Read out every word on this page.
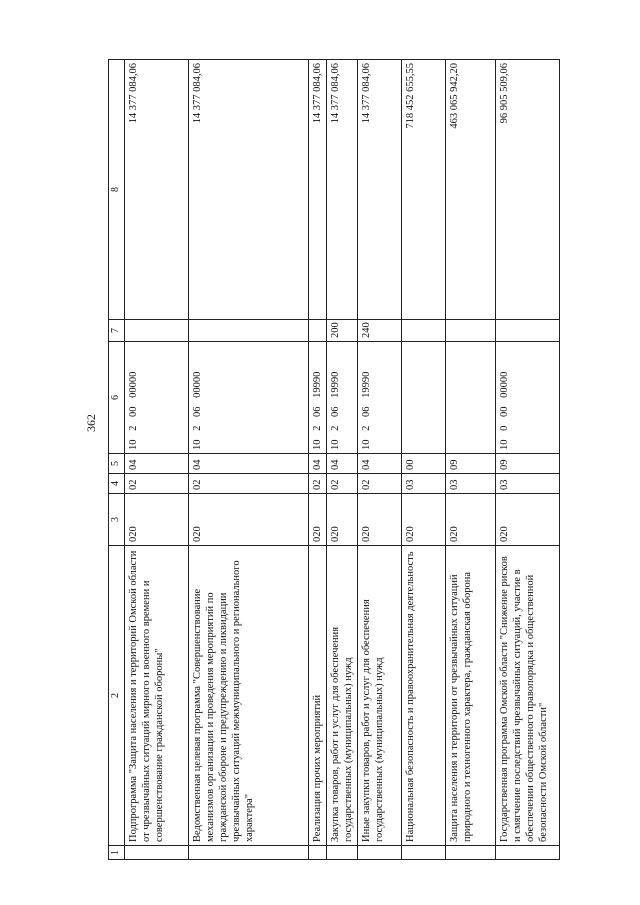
362
1	2	3	4	5	6	7	8
	Подпрограмма "Защита населения и территорий Омской области от чрезвычайных ситуаций мирного и военного времени и совершенствование гражданской обороны"	020	02	04	10 2 00 00000		14 377 084,06
	Ведомственная целевая программа "Совершенствование механизмов организации и проведения мероприятий по гражданской обороне и предупреждению и ликвидации чрезвычайных ситуаций межмуниципального и регионального характера"	020	02	04	10 2 06 00000		14 377 084,06
	Реализация прочих мероприятий	020	02	04	10 2 06 19990		14 377 084,06
	Закупка товаров, работ и услуг для обеспечения государственных (муниципальных) нужд	020	02	04	10 2 06 19990	200	14 377 084,06
	Иные закупки товаров, работ и услуг для обеспечения государственных (муниципальных) нужд	020	02	04	10 2 06 19990	240	14 377 084,06
	Национальная безопасность и правоохранительная деятельность	020	03	00			718 452 655,55
	Защита населения и территории от чрезвычайных ситуаций природного и техногенного характера, гражданская оборона	020	03	09			463 065 942,20
	Государственная программа Омской области "Снижение рисков и смягчение последствий чрезвычайных ситуаций, участие в обеспечении общественного правопорядка и общественной безопасности Омской области"	020	03	09	10 0 00 00000		96 905 509,06
